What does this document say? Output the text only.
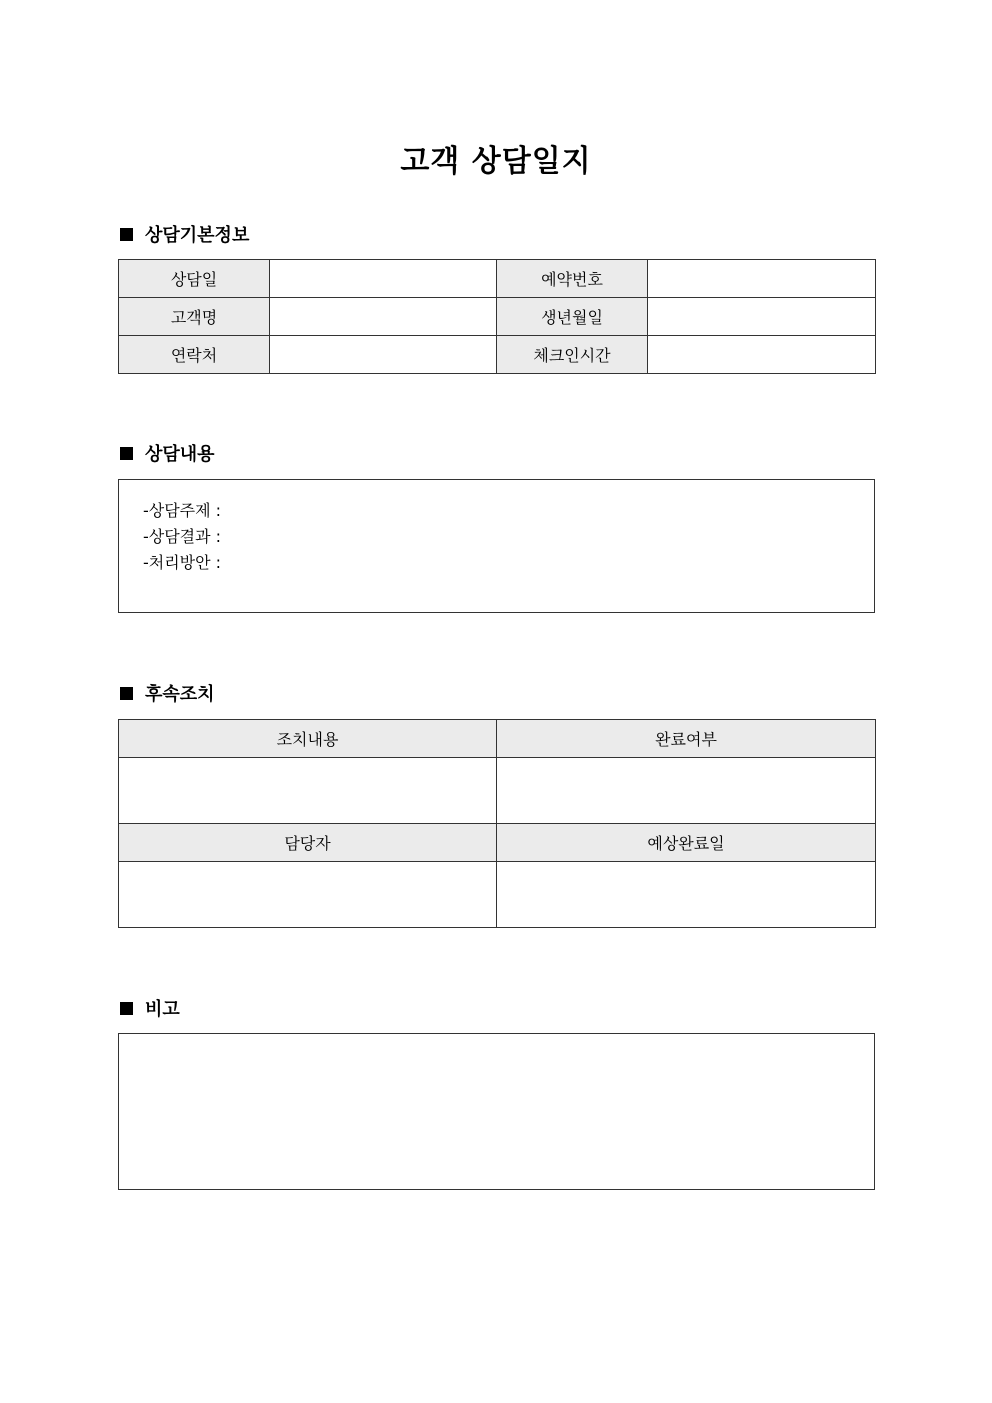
고객 상담일지
상담기본정보
상담일		예약번호	
고객명		생년월일	
연락처		체크인시간	
상담내용
-상담주제 :
-상담결과 :
-처리방안 :
후속조치
조치내용	완료여부

담당자	예상완료일

비고
